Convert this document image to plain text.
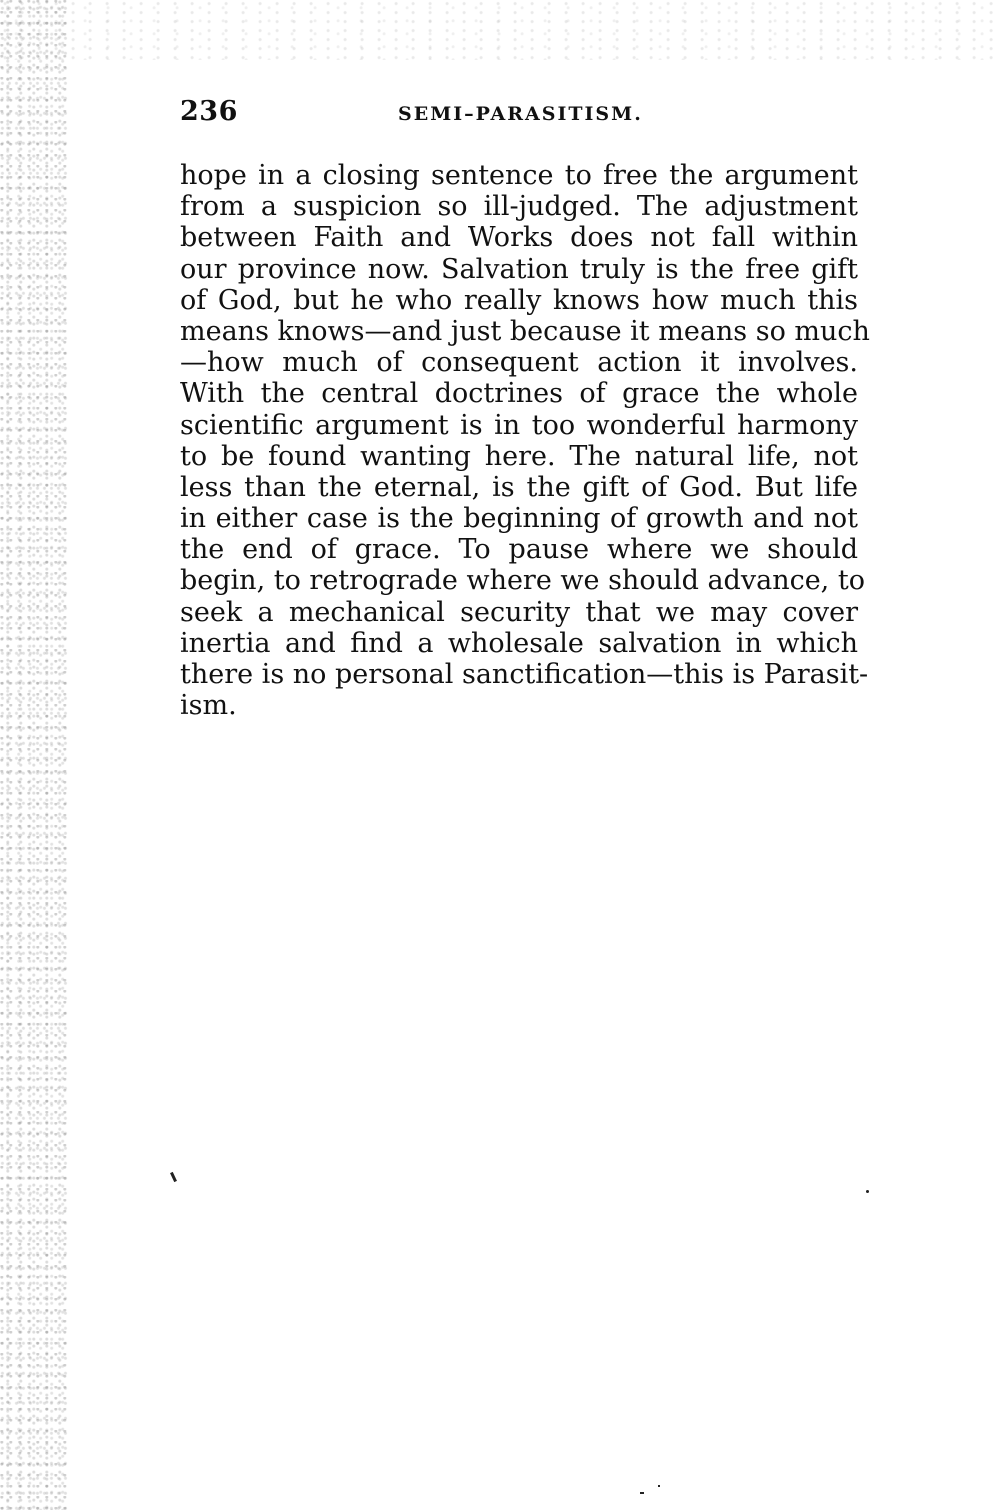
236	SEMI–PARASITISM.
hope in a closing sentence to free the argument
from a suspicion so ill-judged. The adjustment
between Faith and Works does not fall within
our province now. Salvation truly is the free gift
of God, but he who really knows how much this
means knows—and just because it means so much
—how much of consequent action it involves.
With the central doctrines of grace the whole
scientific argument is in too wonderful harmony
to be found wanting here. The natural life, not
less than the eternal, is the gift of God. But life
in either case is the beginning of growth and not
the end of grace. To pause where we should
begin, to retrograde where we should advance, to
seek a mechanical security that we may cover
inertia and find a wholesale salvation in which
there is no personal sanctification—this is Parasit-
ism.
